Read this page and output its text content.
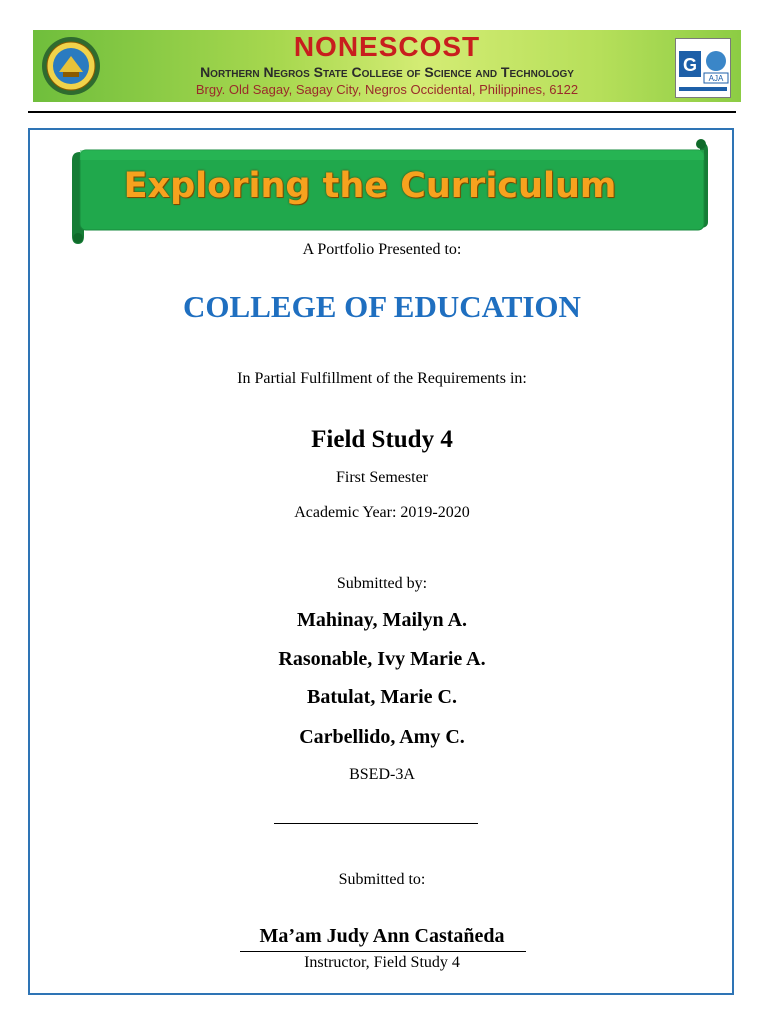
NONESCOST
Northern Negros State College of Science and Technology
Brgy. Old Sagay, Sagay City, Negros Occidental, Philippines, 6122
G
AJA
Exploring the Curriculum
A Portfolio Presented to:
COLLEGE OF EDUCATION
In Partial Fulfillment of the Requirements in:
Field Study 4
First Semester
Academic Year: 2019-2020
Submitted by:
Mahinay, Mailyn A.
Rasonable, Ivy Marie A.
Batulat, Marie C.
Carbellido, Amy C.
BSED-3A
Submitted to:
Ma’am Judy Ann Castañeda
Instructor, Field Study 4
